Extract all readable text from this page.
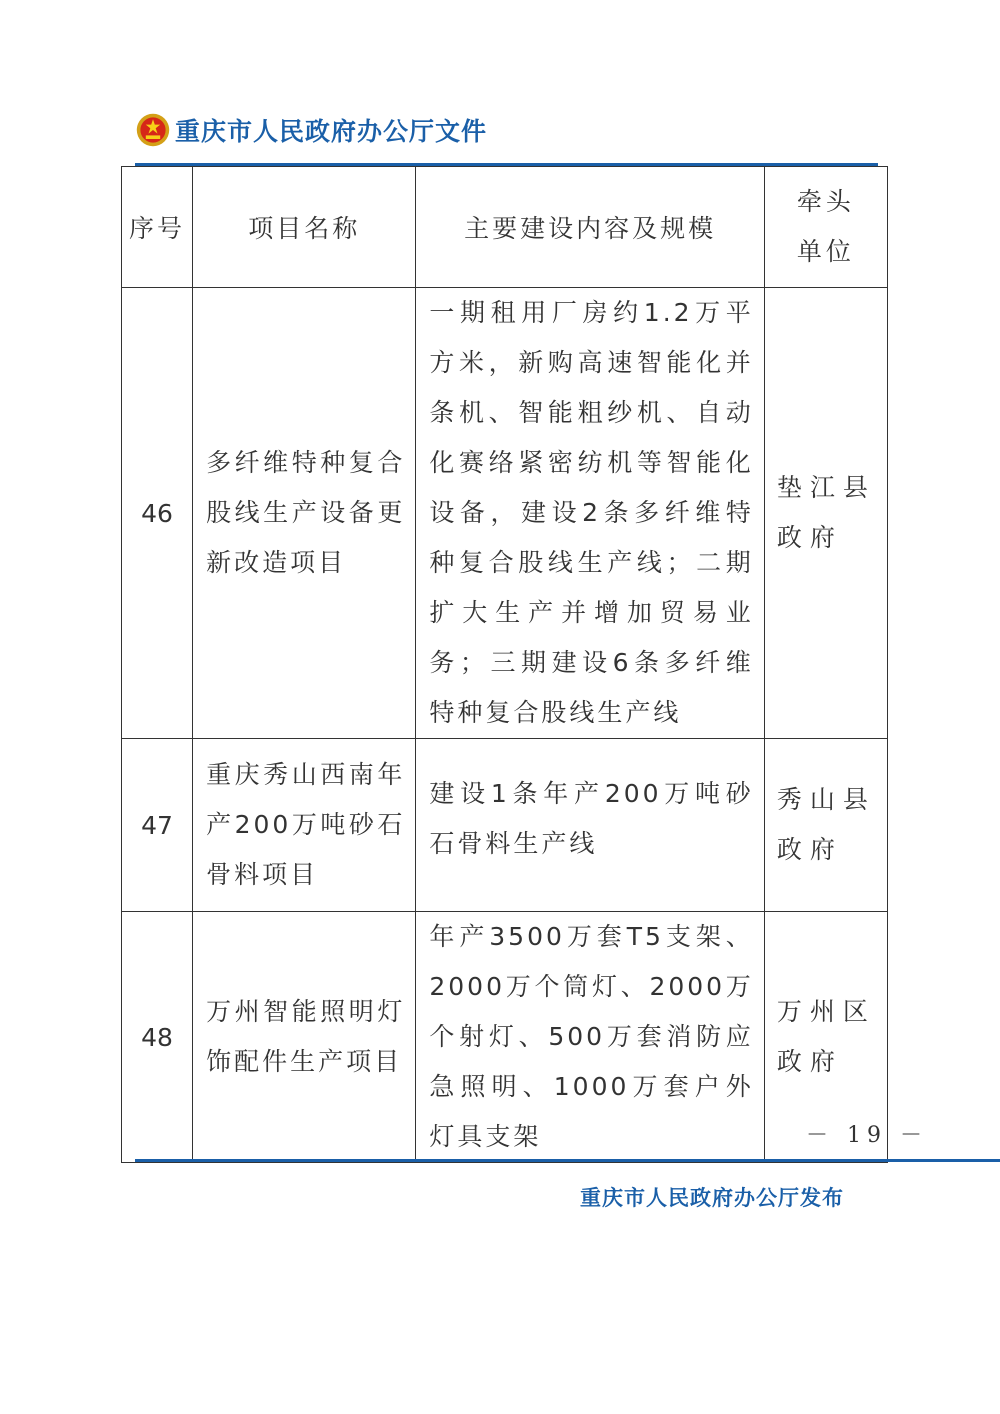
重庆市人民政府办公厅文件
序号	项目名称	主要建设内容及规模	牵头单位

46	多纤维特种复合股线生产设备更新改造项目	一期租用厂房约1.2万平方米，新购高速智能化并条机、智能粗纱机、自动化赛络紧密纺机等智能化设备，建设2条多纤维特种复合股线生产线；二期扩大生产并增加贸易业务；三期建设6条多纤维特种复合股线生产线	垫江县政府

47	重庆秀山西南年产200万吨砂石骨料项目	建设1条年产200万吨砂石骨料生产线	秀山县政府

48	万州智能照明灯饰配件生产项目	年产3500万套T5支架、2000万个筒灯、2000万个射灯、500万套消防应急照明、1000万套户外灯具支架	万州区政府
－ 19 －
重庆市人民政府办公厅发布
